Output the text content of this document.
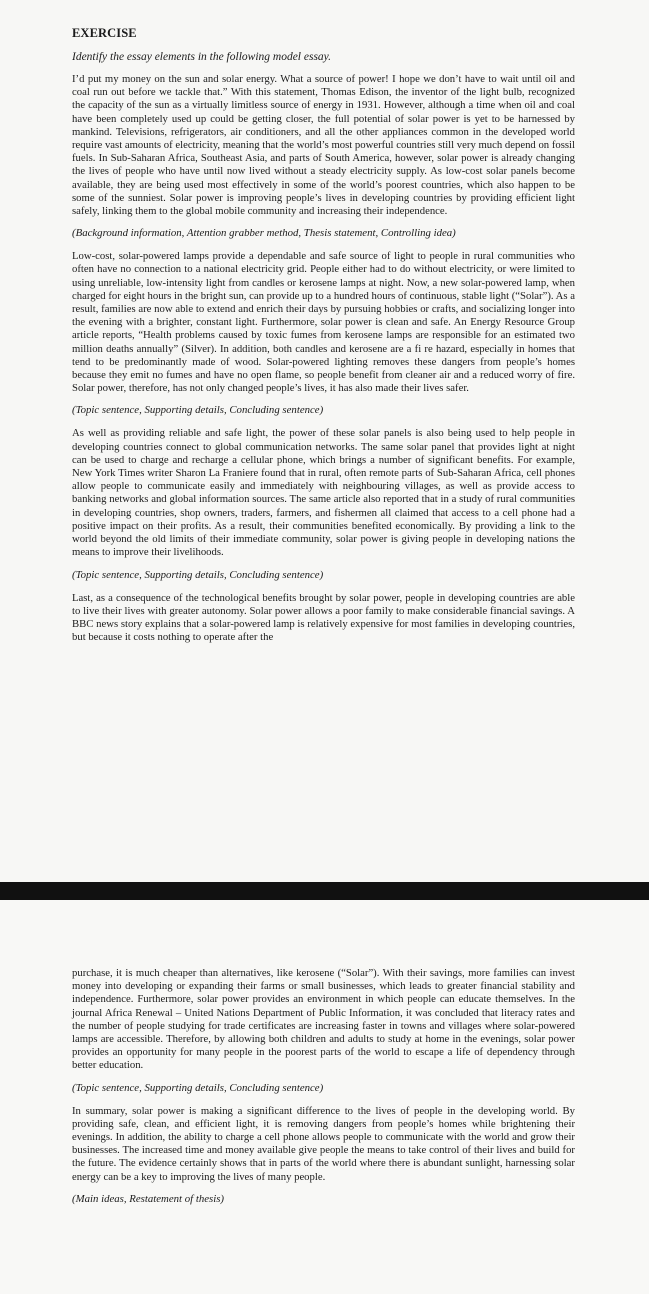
EXERCISE
Identify the essay elements in the following model essay.

I’d put my money on the sun and solar energy. What a source of power! I hope we don’t have to wait until oil and coal run out before we tackle that.” With this statement, Thomas Edison, the inventor of the light bulb, recognized the capacity of the sun as a virtually limitless source of energy in 1931. However, although a time when oil and coal have been completely used up could be getting closer, the full potential of solar power is yet to be harnessed by mankind. Televisions, refrigerators, air conditioners, and all the other appliances common in the developed world require vast amounts of electricity, meaning that the world’s most powerful countries still very much depend on fossil fuels. In Sub-Saharan Africa, Southeast Asia, and parts of South America, however, solar power is already changing the lives of people who have until now lived without a steady electricity supply. As low-cost solar panels become available, they are being used most effectively in some of the world’s poorest countries, which also happen to be some of the sunniest. Solar power is improving people’s lives in developing countries by providing efficient light safely, linking them to the global mobile community and increasing their independence.

(Background information, Attention grabber method, Thesis statement, Controlling idea)

Low-cost, solar-powered lamps provide a dependable and safe source of light to people in rural communities who often have no connection to a national electricity grid. People either had to do without electricity, or were limited to using unreliable, low-intensity light from candles or kerosene lamps at night. Now, a new solar-powered lamp, when charged for eight hours in the bright sun, can provide up to a hundred hours of continuous, stable light (“Solar”). As a result, families are now able to extend and enrich their days by pursuing hobbies or crafts, and socializing longer into the evening with a brighter, constant light. Furthermore, solar power is clean and safe. An Energy Resource Group article reports, “Health problems caused by toxic fumes from kerosene lamps are responsible for an estimated two million deaths annually” (Silver). In addition, both candles and kerosene are a fi re hazard, especially in homes that tend to be predominantly made of wood. Solar-powered lighting removes these dangers from people’s homes because they emit no fumes and have no open flame, so people benefit from cleaner air and a reduced worry of fire. Solar power, therefore, has not only changed people’s lives, it has also made their lives safer.

(Topic sentence, Supporting details, Concluding sentence)

As well as providing reliable and safe light, the power of these solar panels is also being used to help people in developing countries connect to global communication networks. The same solar panel that provides light at night can be used to charge and recharge a cellular phone, which brings a number of significant benefits. For example, New York Times writer Sharon La Franiere found that in rural, often remote parts of Sub-Saharan Africa, cell phones allow people to communicate easily and immediately with neighbouring villages, as well as provide access to banking networks and global information sources. The same article also reported that in a study of rural communities in developing countries, shop owners, traders, farmers, and fishermen all claimed that access to a cell phone had a positive impact on their profits. As a result, their communities benefited economically. By providing a link to the world beyond the old limits of their immediate community, solar power is giving people in developing nations the means to improve their livelihoods.

(Topic sentence, Supporting details, Concluding sentence)

Last, as a consequence of the technological benefits brought by solar power, people in developing countries are able to live their lives with greater autonomy. Solar power allows a poor family to make considerable financial savings. A BBC news story explains that a solar-powered lamp is relatively expensive for most families in developing countries, but because it costs nothing to operate after the

purchase, it is much cheaper than alternatives, like kerosene (“Solar”). With their savings, more families can invest money into developing or expanding their farms or small businesses, which leads to greater financial stability and independence. Furthermore, solar power provides an environment in which people can educate themselves. In the journal Africa Renewal – United Nations Department of Public Information, it was concluded that literacy rates and the number of people studying for trade certificates are increasing faster in towns and villages where solar-powered lamps are accessible. Therefore, by allowing both children and adults to study at home in the evenings, solar power provides an opportunity for many people in the poorest parts of the world to escape a life of dependency through better education.

(Topic sentence, Supporting details, Concluding sentence)

In summary, solar power is making a significant difference to the lives of people in the developing world. By providing safe, clean, and efficient light, it is removing dangers from people’s homes while brightening their evenings. In addition, the ability to charge a cell phone allows people to communicate with the world and grow their businesses. The increased time and money available give people the means to take control of their lives and build for the future. The evidence certainly shows that in parts of the world where there is abundant sunlight, harnessing solar energy can be a key to improving the lives of many people.

(Main ideas, Restatement of thesis)
